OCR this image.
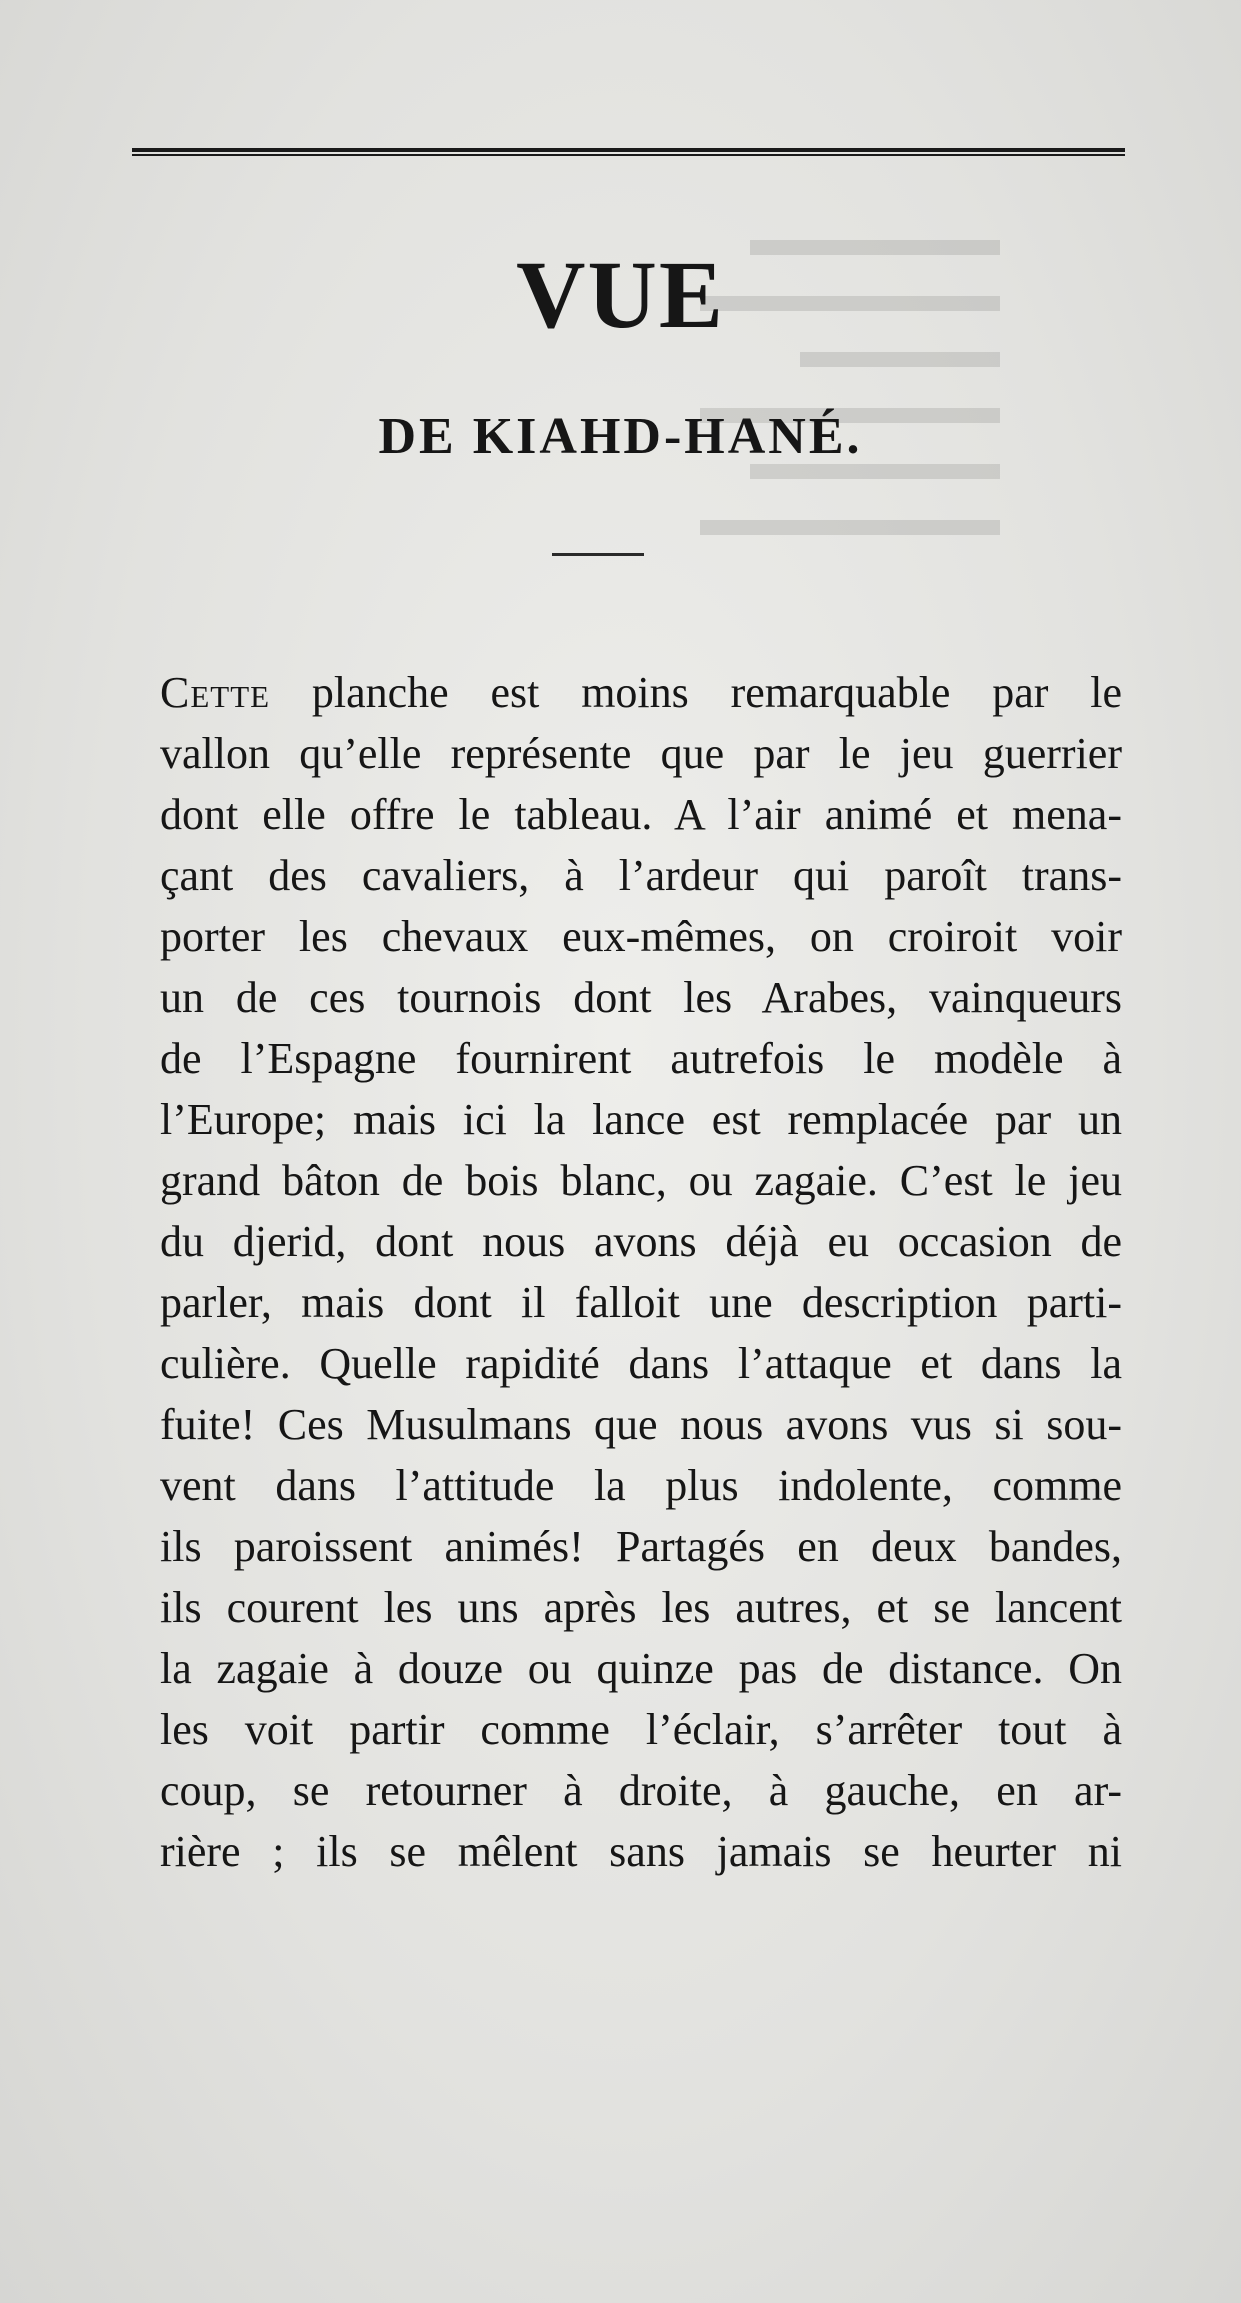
▬▬▬▬▬
▬▬▬▬▬▬
▬▬▬▬
▬▬▬▬▬▬
▬▬▬▬▬
▬▬▬▬▬▬
VUE
DE KIAHD-HANÉ.
Cette planche est moins remarquable par le
vallon qu’elle représente que par le jeu guerrier
dont elle offre le tableau. A l’air animé et mena-
çant des cavaliers, à l’ardeur qui paroît trans-
porter les chevaux eux-mêmes, on croiroit voir
un de ces tournois dont les Arabes, vainqueurs
de l’Espagne fournirent autrefois le modèle à
l’Europe; mais ici la lance est remplacée par un
grand bâton de bois blanc, ou zagaie. C’est le jeu
du djerid, dont nous avons déjà eu occasion de
parler, mais dont il falloit une description parti-
culière. Quelle rapidité dans l’attaque et dans la
fuite! Ces Musulmans que nous avons vus si sou-
vent dans l’attitude la plus indolente, comme
ils paroissent animés! Partagés en deux bandes,
ils courent les uns après les autres, et se lancent
la zagaie à douze ou quinze pas de distance. On
les voit partir comme l’éclair, s’arrêter tout à
coup, se retourner à droite, à gauche, en ar-
rière ; ils se mêlent sans jamais se heurter ni
